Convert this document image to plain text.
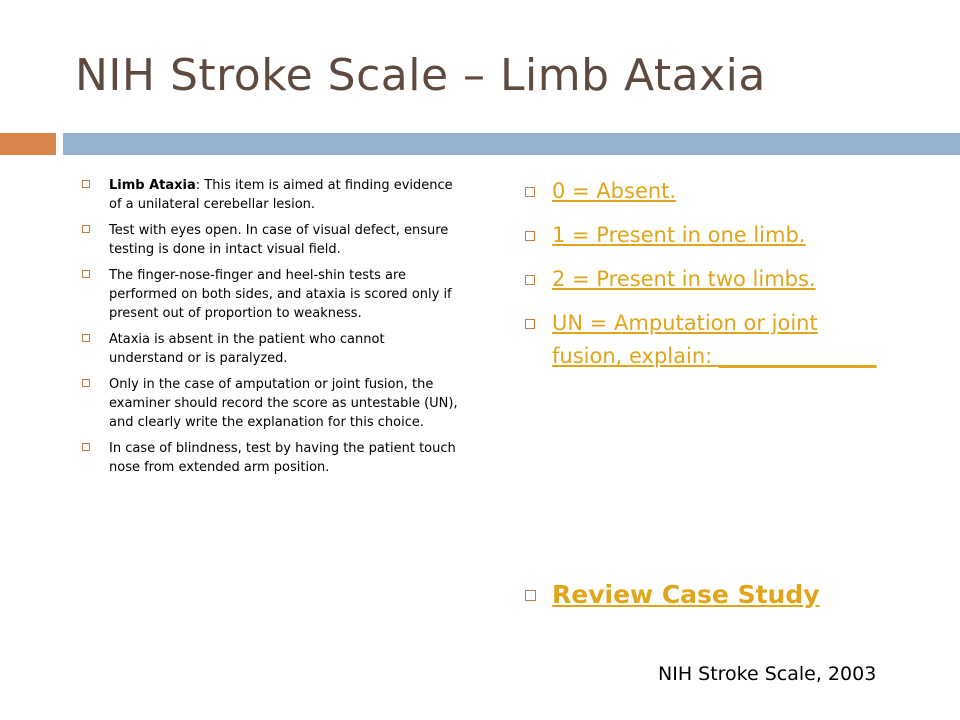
NIH Stroke Scale – Limb Ataxia
Limb Ataxia: This item is aimed at finding evidence of a unilateral cerebellar lesion.
Test with eyes open. In case of visual defect, ensure testing is done in intact visual field.
The finger-nose-finger and heel-shin tests are performed on both sides, and ataxia is scored only if present out of proportion to weakness.
Ataxia is absent in the patient who cannot understand or is paralyzed.
Only in the case of amputation or joint fusion, the examiner should record the score as untestable (UN), and clearly write the explanation for this choice.
In case of blindness, test by having the patient touch nose from extended arm position.
0 = Absent.
1 = Present in one limb.
2 = Present in two limbs.
UN = Amputation or joint fusion, explain: _______________
Review Case Study
NIH Stroke Scale, 2003
